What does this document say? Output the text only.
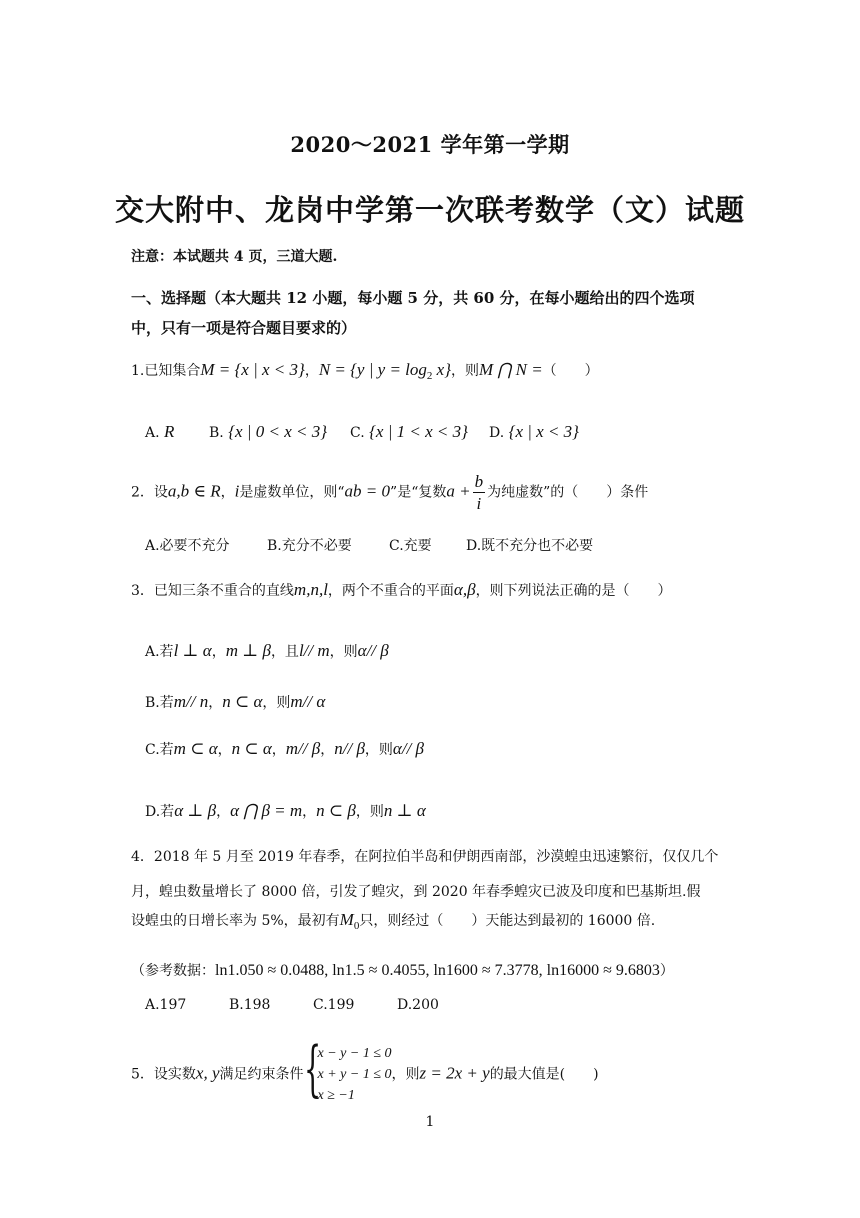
2020～2021 学年第一学期
交大附中、龙岗中学第一次联考数学（文）试题
注意：本试题共 4 页，三道大题.
一、选择题（本大题共 12 小题，每小题 5 分，共 60 分，在每小题给出的四个选项中，只有一项是符合题目要求的）
1.已知集合M = {x | x < 3}，N = {y | $y = \log_2 x$}，则M ⋂ N =（　　）
A. R B. {x | 0 < x < 3} C. {x | 1 < x < 3} D. {x | x < 3}
2．设a,b ∈ R，i是虚数单位，则“ab = 0”是“复数$a + \frac{b}{i}$ 为纯虚数”的（　　）条件
A.必要不充分	B.充分不必要	C.充要 D.既不充分也不必要
3．已知三条不重合的直线m,n,l，两个不重合的平面α,β，则下列说法正确的是（　　）
A.若l ⊥ α，m ⊥ β，且l// m，则α// β
B.若m// n，n ⊂ α，则m// α
C.若m ⊂ α，n ⊂ α，m// β，n// β，则α// β
D.若α ⊥ β，α ⋂ β = m，n ⊂ β，则n ⊥ α
4．2018 年 5 月至 2019 年春季，在阿拉伯半岛和伊朗西南部，沙漠蝗虫迅速繁衍，仅仅几个月，蝗虫数量增长了 8000 倍，引发了蝗灾，到 2020 年春季蝗灾已波及印度和巴基斯坦.假
设蝗虫的日增长率为 5%，最初有$M_0$只，则经过（　　）天能达到最初的 16000 倍.
（参考数据：ln1.050 ≈ 0.0488, ln1.5 ≈ 0.4055, ln1600 ≈ 7.3778, ln16000 ≈ 9.6803）
A.197	B.198	C.199	D.200
5．设实数x, y满足约束条件 {
x − y − 1 ≤ 0
x + y − 1 ≤ 0
x ≥ −1
，则z = 2x + y的最大值是(　　)
1
